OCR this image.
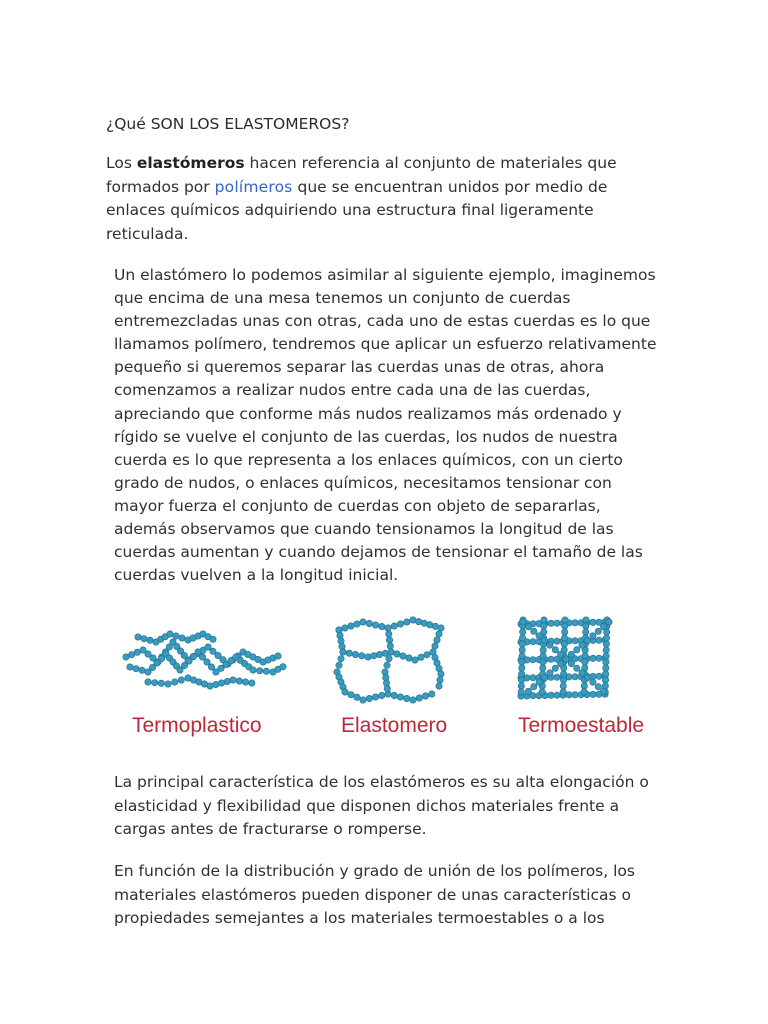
¿Qué SON LOS ELASTOMEROS?

Los elastómeros hacen referencia al conjunto de materiales que formados por polímeros que se encuentran unidos por medio de enlaces químicos adquiriendo una estructura final ligeramente reticulada.

Un elastómero lo podemos asimilar al siguiente ejemplo, imaginemos que encima de una mesa tenemos un conjunto de cuerdas entremezcladas unas con otras, cada uno de estas cuerdas es lo que llamamos polímero, tendremos que aplicar un esfuerzo relativamente pequeño si queremos separar las cuerdas unas de otras, ahora comenzamos a realizar nudos entre cada una de las cuerdas, apreciando que conforme más nudos realizamos más ordenado y rígido se vuelve el conjunto de las cuerdas, los nudos de nuestra cuerda es lo que representa a los enlaces químicos, con un cierto grado de nudos, o enlaces químicos, necesitamos tensionar con mayor fuerza el conjunto de cuerdas con objeto de separarlas, además observamos que cuando tensionamos la longitud de las cuerdas aumentan y cuando dejamos de tensionar el tamaño de las cuerdas vuelven a la longitud inicial.

Termoplastico	Elastomero	Termoestable

La principal característica de los elastómeros es su alta elongación o elasticidad y flexibilidad que disponen dichos materiales frente a cargas antes de fracturarse o romperse.

En función de la distribución y grado de unión de los polímeros, los materiales elastómeros pueden disponer de unas características o propiedades semejantes a los materiales termoestables o a los
